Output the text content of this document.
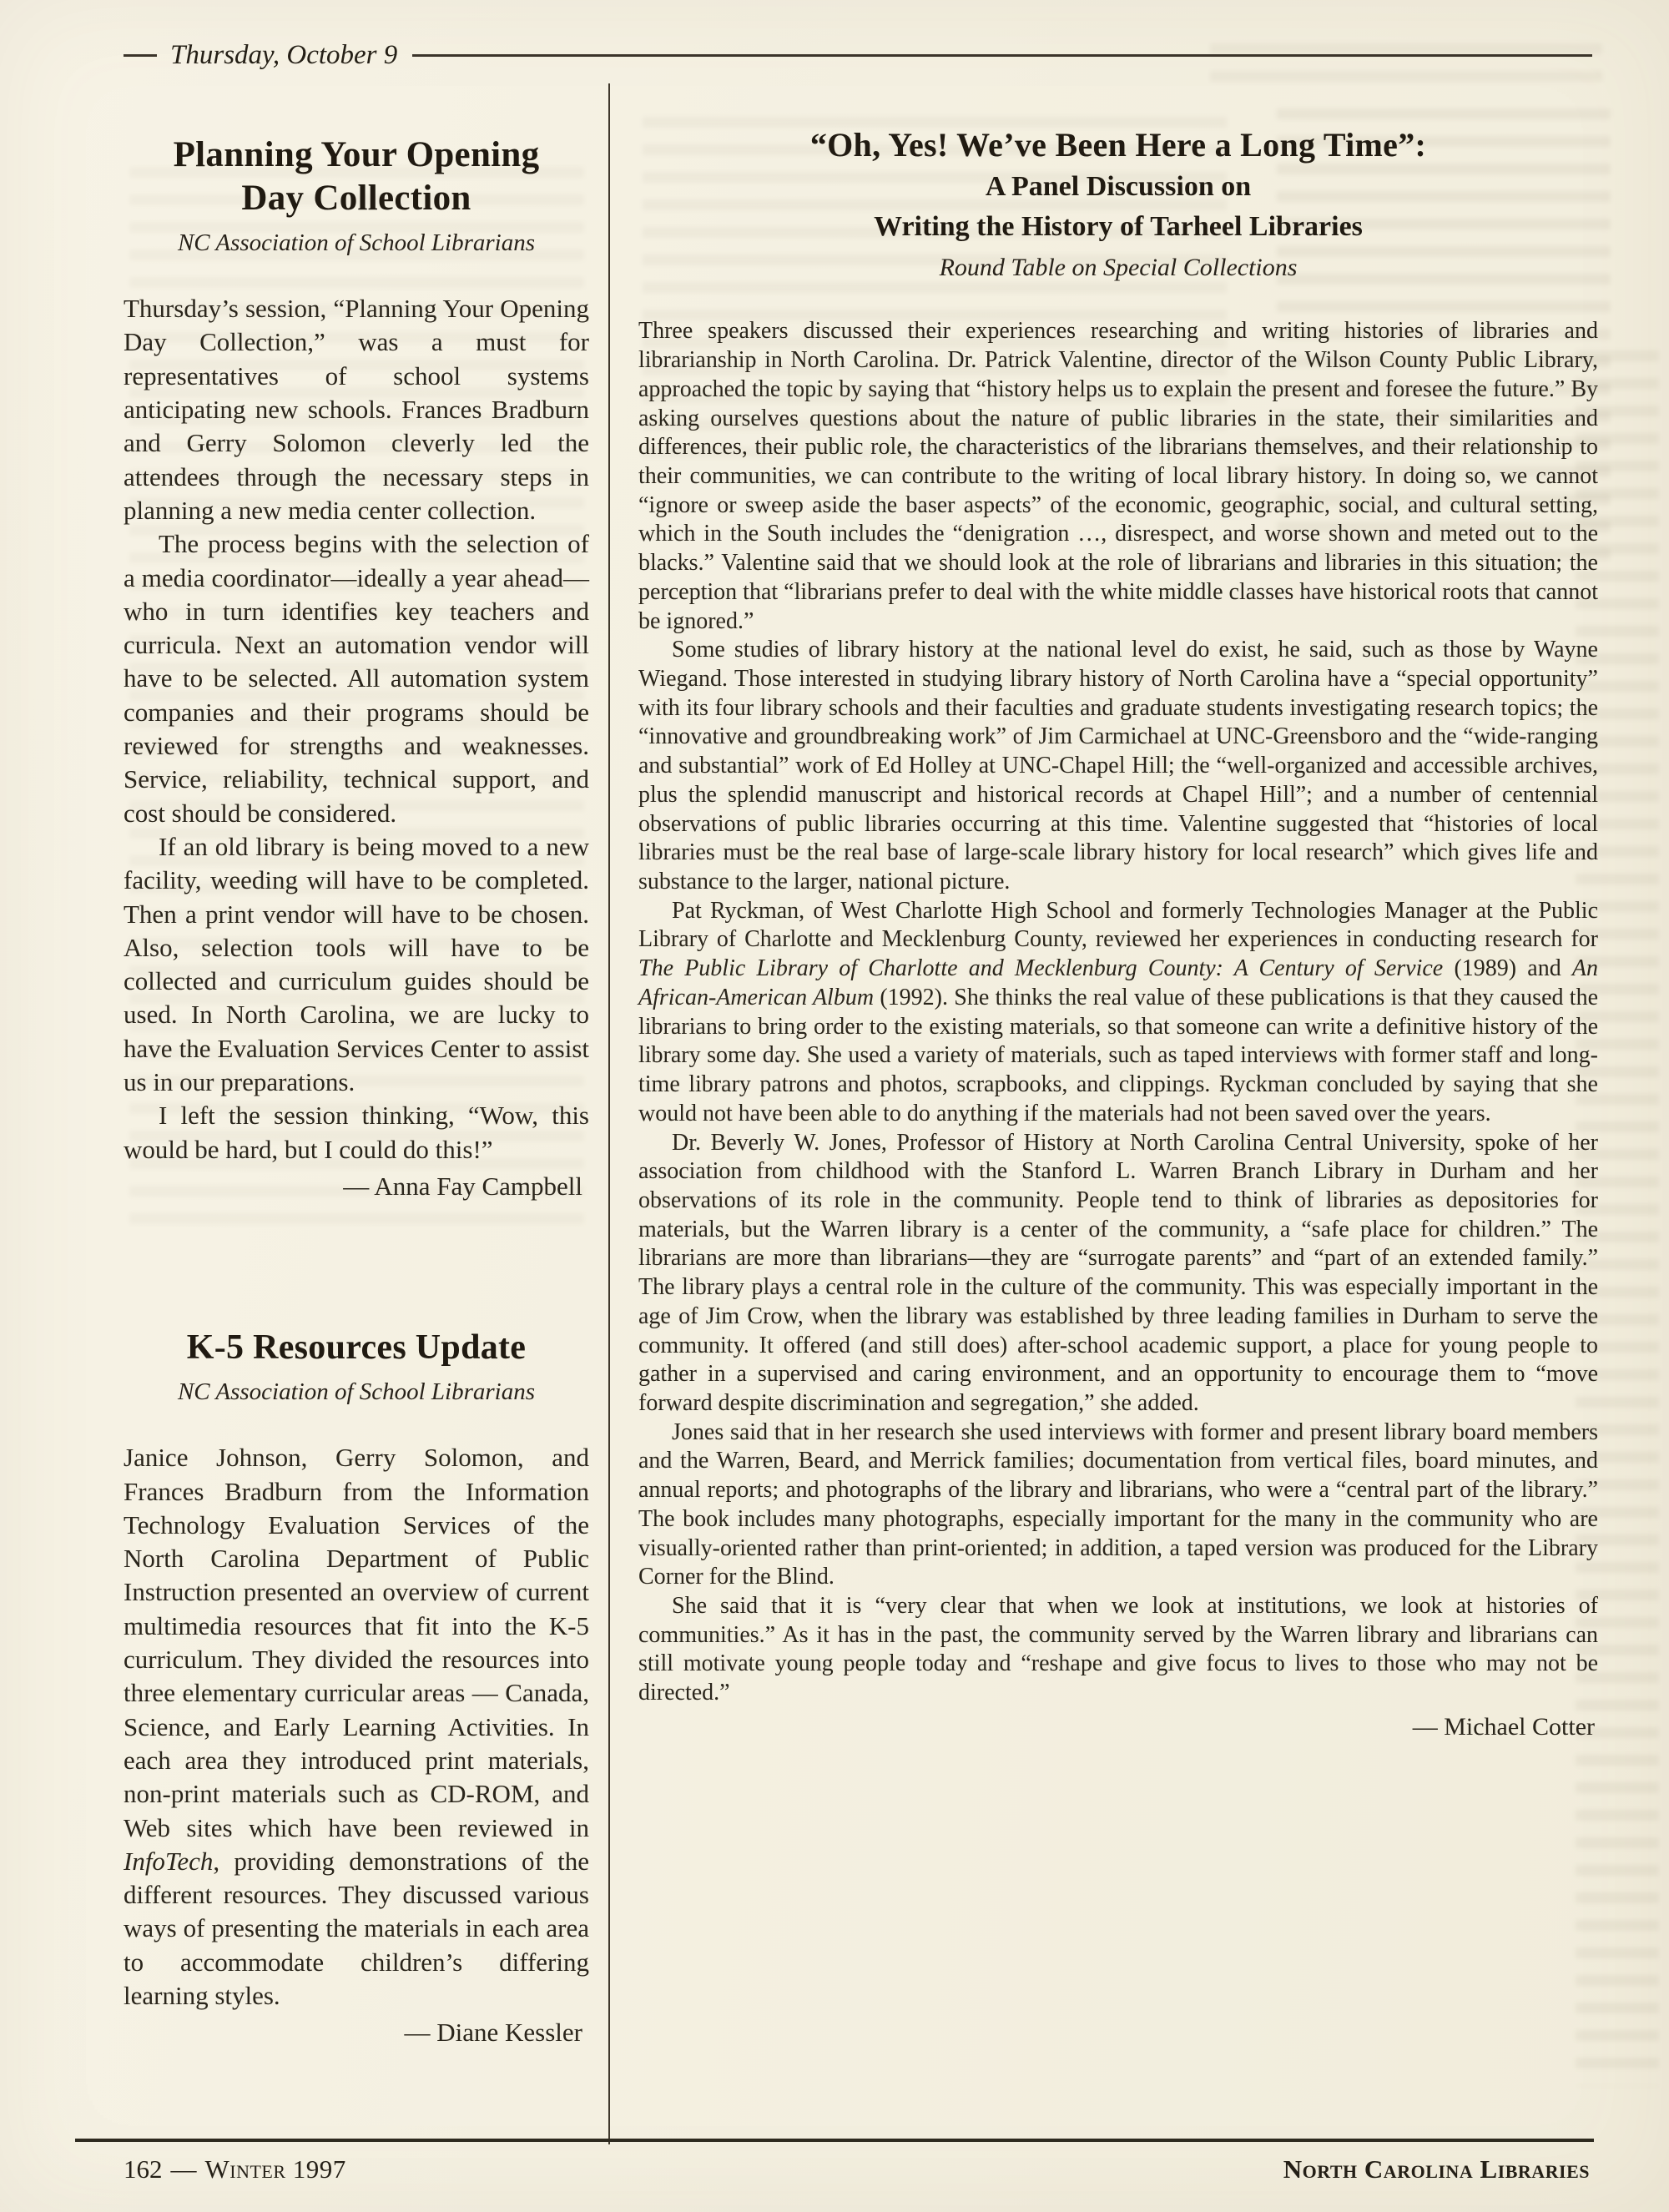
Thursday, October 9
Planning Your Opening
Day Collection
NC Association of School Librarians

Thursday’s session, “Planning Your Opening Day Collection,” was a must for representatives of school systems anticipating new schools. Frances Bradburn and Gerry Solomon cleverly led the attendees through the necessary steps in planning a new media center collection.

The process begins with the selection of a media coordinator—ideally a year ahead—who in turn identifies key teachers and curricula. Next an automation vendor will have to be selected. All automation system companies and their programs should be reviewed for strengths and weaknesses. Service, reliability, technical support, and cost should be considered.

If an old library is being moved to a new facility, weeding will have to be completed. Then a print vendor will have to be chosen. Also, selection tools will have to be collected and curriculum guides should be used. In North Carolina, we are lucky to have the Evaluation Services Center to assist us in our preparations.

I left the session thinking, “Wow, this would be hard, but I could do this!”

— Anna Fay Campbell
K-5 Resources Update
NC Association of School Librarians

Janice Johnson, Gerry Solomon, and Frances Bradburn from the Information Technology Evaluation Services of the North Carolina Department of Public Instruction presented an overview of current multimedia resources that fit into the K-5 curriculum. They divided the resources into three elementary curricular areas — Canada, Science, and Early Learning Activities. In each area they introduced print materials, non-print materials such as CD-ROM, and Web sites which have been reviewed in InfoTech, providing demonstrations of the different resources. They discussed various ways of presenting the materials in each area to accommodate children’s differing learning styles.

— Diane Kessler
“Oh, Yes! We’ve Been Here a Long Time”:
A Panel Discussion on
Writing the History of Tarheel Libraries
Round Table on Special Collections

Three speakers discussed their experiences researching and writing histories of libraries and librarianship in North Carolina. Dr. Patrick Valentine, director of the Wilson County Public Library, approached the topic by saying that “history helps us to explain the present and foresee the future.” By asking ourselves questions about the nature of public libraries in the state, their similarities and differences, their public role, the characteristics of the librarians themselves, and their relationship to their communities, we can contribute to the writing of local library history. In doing so, we cannot “ignore or sweep aside the baser aspects” of the economic, geographic, social, and cultural setting, which in the South includes the “denigration …, disrespect, and worse shown and meted out to the blacks.” Valentine said that we should look at the role of librarians and libraries in this situation; the perception that “librarians prefer to deal with the white middle classes have historical roots that cannot be ignored.”

Some studies of library history at the national level do exist, he said, such as those by Wayne Wiegand. Those interested in studying library history of North Carolina have a “special opportunity” with its four library schools and their faculties and graduate students investigating research topics; the “innovative and groundbreaking work” of Jim Carmichael at UNC-Greensboro and the “wide-ranging and substantial” work of Ed Holley at UNC-Chapel Hill; the “well-organized and accessible archives, plus the splendid manuscript and historical records at Chapel Hill”; and a number of centennial observations of public libraries occurring at this time. Valentine suggested that “histories of local libraries must be the real base of large-scale library history for local research” which gives life and substance to the larger, national picture.

Pat Ryckman, of West Charlotte High School and formerly Technologies Manager at the Public Library of Charlotte and Mecklenburg County, reviewed her experiences in conducting research for The Public Library of Charlotte and Mecklenburg County: A Century of Service (1989) and An African-American Album (1992). She thinks the real value of these publications is that they caused the librarians to bring order to the existing materials, so that someone can write a definitive history of the library some day. She used a variety of materials, such as taped interviews with former staff and long-time library patrons and photos, scrapbooks, and clippings. Ryckman concluded by saying that she would not have been able to do anything if the materials had not been saved over the years.

Dr. Beverly W. Jones, Professor of History at North Carolina Central University, spoke of her association from childhood with the Stanford L. Warren Branch Library in Durham and her observations of its role in the community. People tend to think of libraries as depositories for materials, but the Warren library is a center of the community, a “safe place for children.” The librarians are more than librarians—they are “surrogate parents” and “part of an extended family.” The library plays a central role in the culture of the community. This was especially important in the age of Jim Crow, when the library was established by three leading families in Durham to serve the community. It offered (and still does) after-school academic support, a place for young people to gather in a supervised and caring environment, and an opportunity to encourage them to “move forward despite discrimination and segregation,” she added.

Jones said that in her research she used interviews with former and present library board members and the Warren, Beard, and Merrick families; documentation from vertical files, board minutes, and annual reports; and photographs of the library and librarians, who were a “central part of the library.” The book includes many photographs, especially important for the many in the community who are visually-oriented rather than print-oriented; in addition, a taped version was produced for the Library Corner for the Blind.

She said that it is “very clear that when we look at institutions, we look at histories of communities.” As it has in the past, the community served by the Warren library and librarians can still motivate young people today and “reshape and give focus to lives to those who may not be directed.”

— Michael Cotter
162 — Winter 1997	North Carolina Libraries
